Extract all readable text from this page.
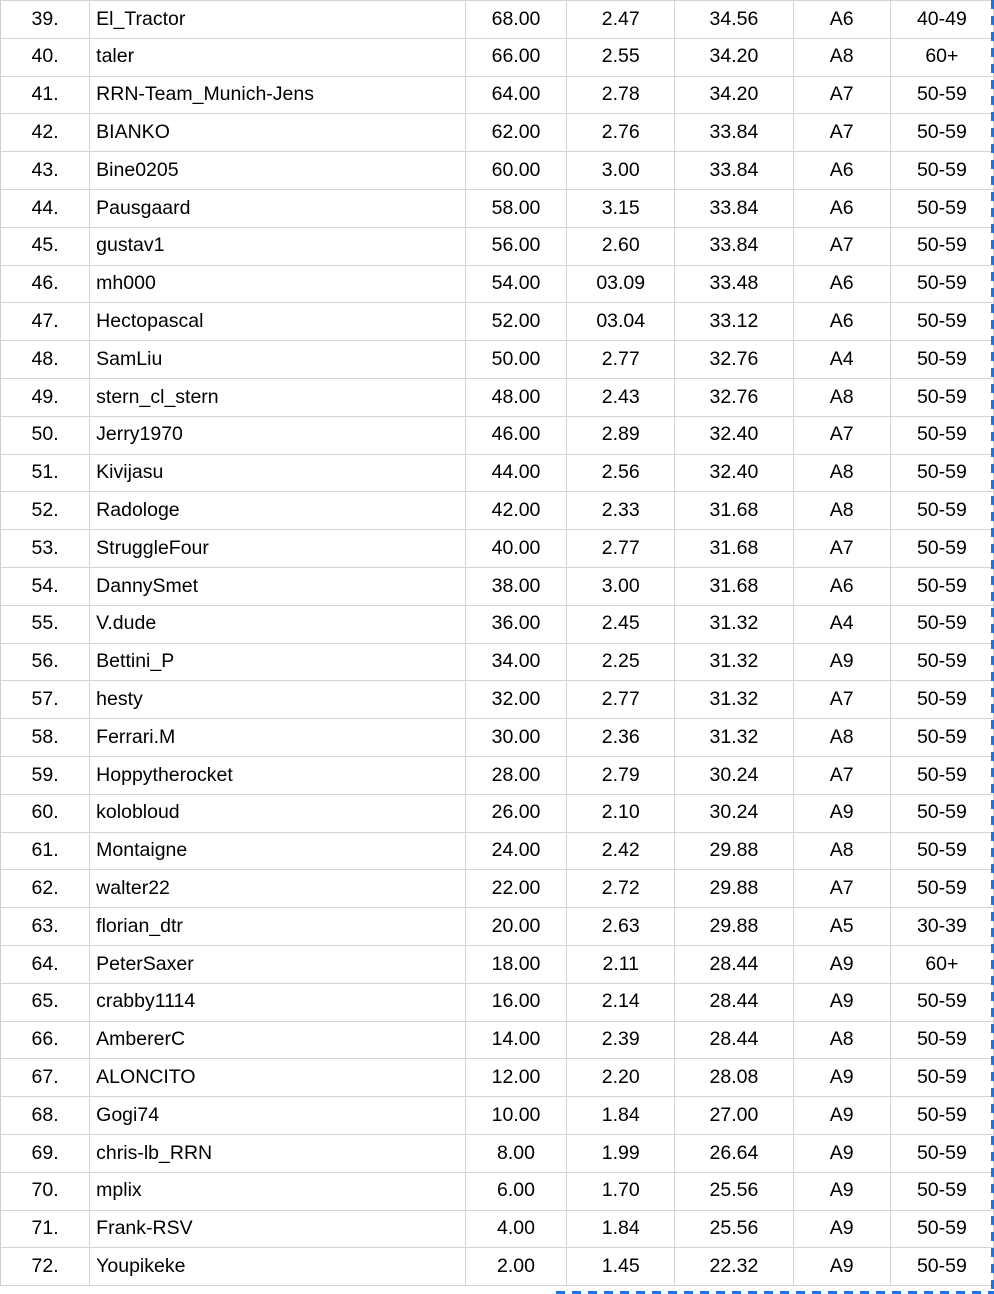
39.	El_Tractor	68.00	2.47	34.56	A6	40-49
40.	taler	66.00	2.55	34.20	A8	60+
41.	RRN-Team_Munich-Jens	64.00	2.78	34.20	A7	50-59
42.	BIANKO	62.00	2.76	33.84	A7	50-59
43.	Bine0205	60.00	3.00	33.84	A6	50-59
44.	Pausgaard	58.00	3.15	33.84	A6	50-59
45.	gustav1	56.00	2.60	33.84	A7	50-59
46.	mh000	54.00	03.09	33.48	A6	50-59
47.	Hectopascal	52.00	03.04	33.12	A6	50-59
48.	SamLiu	50.00	2.77	32.76	A4	50-59
49.	stern_cl_stern	48.00	2.43	32.76	A8	50-59
50.	Jerry1970	46.00	2.89	32.40	A7	50-59
51.	Kivijasu	44.00	2.56	32.40	A8	50-59
52.	Radologe	42.00	2.33	31.68	A8	50-59
53.	StruggleFour	40.00	2.77	31.68	A7	50-59
54.	DannySmet	38.00	3.00	31.68	A6	50-59
55.	V.dude	36.00	2.45	31.32	A4	50-59
56.	Bettini_P	34.00	2.25	31.32	A9	50-59
57.	hesty	32.00	2.77	31.32	A7	50-59
58.	Ferrari.M	30.00	2.36	31.32	A8	50-59
59.	Hoppytherocket	28.00	2.79	30.24	A7	50-59
60.	kolobloud	26.00	2.10	30.24	A9	50-59
61.	Montaigne	24.00	2.42	29.88	A8	50-59
62.	walter22	22.00	2.72	29.88	A7	50-59
63.	florian_dtr	20.00	2.63	29.88	A5	30-39
64.	PeterSaxer	18.00	2.11	28.44	A9	60+
65.	crabby1114	16.00	2.14	28.44	A9	50-59
66.	AmbererC	14.00	2.39	28.44	A8	50-59
67.	ALONCITO	12.00	2.20	28.08	A9	50-59
68.	Gogi74	10.00	1.84	27.00	A9	50-59
69.	chris-lb_RRN	8.00	1.99	26.64	A9	50-59
70.	mplix	6.00	1.70	25.56	A9	50-59
71.	Frank-RSV	4.00	1.84	25.56	A9	50-59
72.	Youpikeke	2.00	1.45	22.32	A9	50-59
